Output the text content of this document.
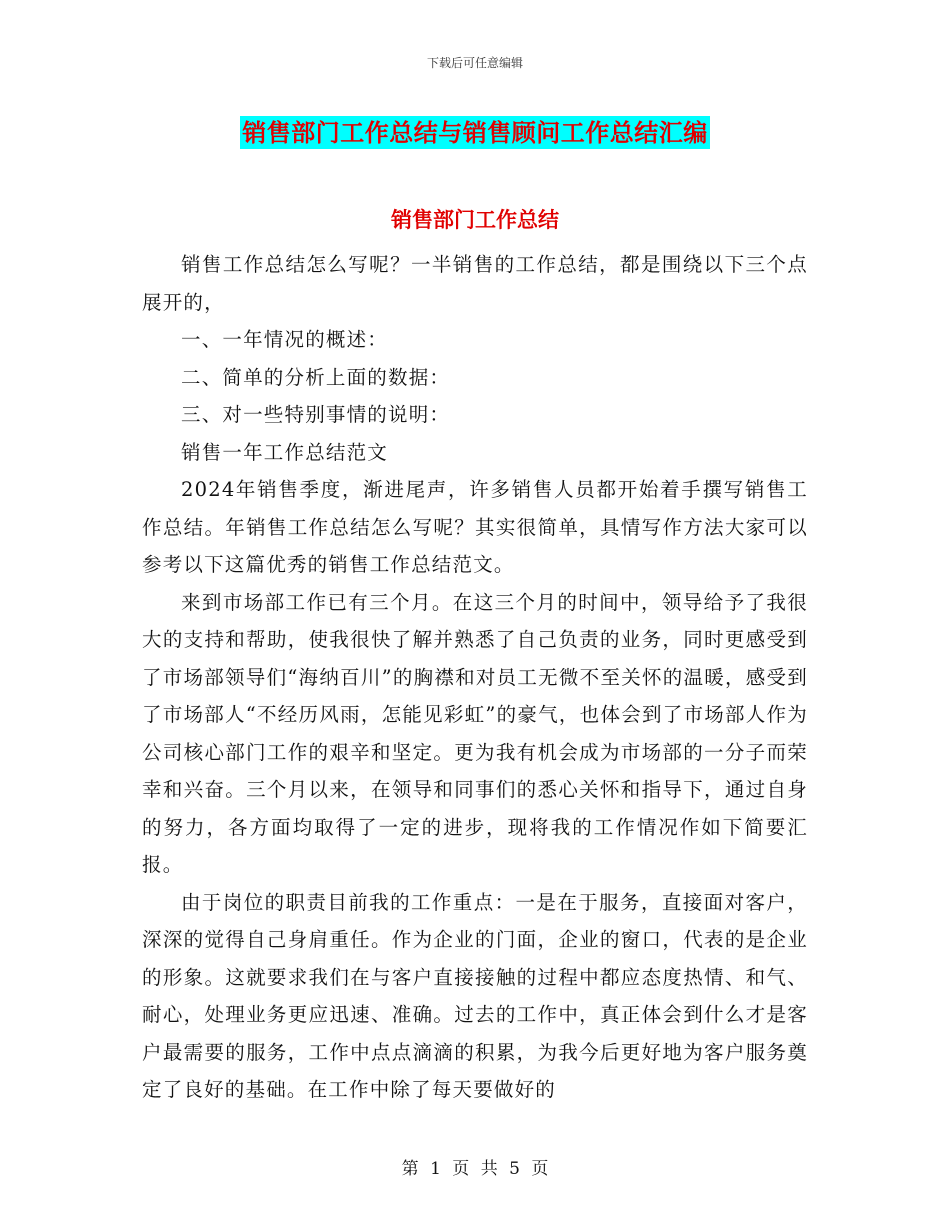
下载后可任意编辑
销售部门工作总结与销售顾问工作总结汇编
销售部门工作总结

销售工作总结怎么写呢？一半销售的工作总结，都是围绕以下三个点展开的，

一、一年情况的概述：

二、简单的分析上面的数据：

三、对一些特别事情的说明：

销售一年工作总结范文

2024年销售季度，渐进尾声，许多销售人员都开始着手撰写销售工作总结。年销售工作总结怎么写呢？其实很简单，具情写作方法大家可以参考以下这篇优秀的销售工作总结范文。

来到市场部工作已有三个月。在这三个月的时间中，领导给予了我很大的支持和帮助，使我很快了解并熟悉了自己负责的业务，同时更感受到了市场部领导们“海纳百川”的胸襟和对员工无微不至关怀的温暖，感受到了市场部人“不经历风雨，怎能见彩虹”的豪气，也体会到了市场部人作为公司核心部门工作的艰辛和坚定。更为我有机会成为市场部的一分子而荣幸和兴奋。三个月以来，在领导和同事们的悉心关怀和指导下，通过自身的努力，各方面均取得了一定的进步，现将我的工作情况作如下简要汇报。

由于岗位的职责目前我的工作重点：一是在于服务，直接面对客户，深深的觉得自己身肩重任。作为企业的门面，企业的窗口，代表的是企业的形象。这就要求我们在与客户直接接触的过程中都应态度热情、和气、耐心，处理业务更应迅速、准确。过去的工作中，真正体会到什么才是客户最需要的服务，工作中点点滴滴的积累，为我今后更好地为客户服务奠定了良好的基础。在工作中除了每天要做好的

第 1 页 共 5 页
